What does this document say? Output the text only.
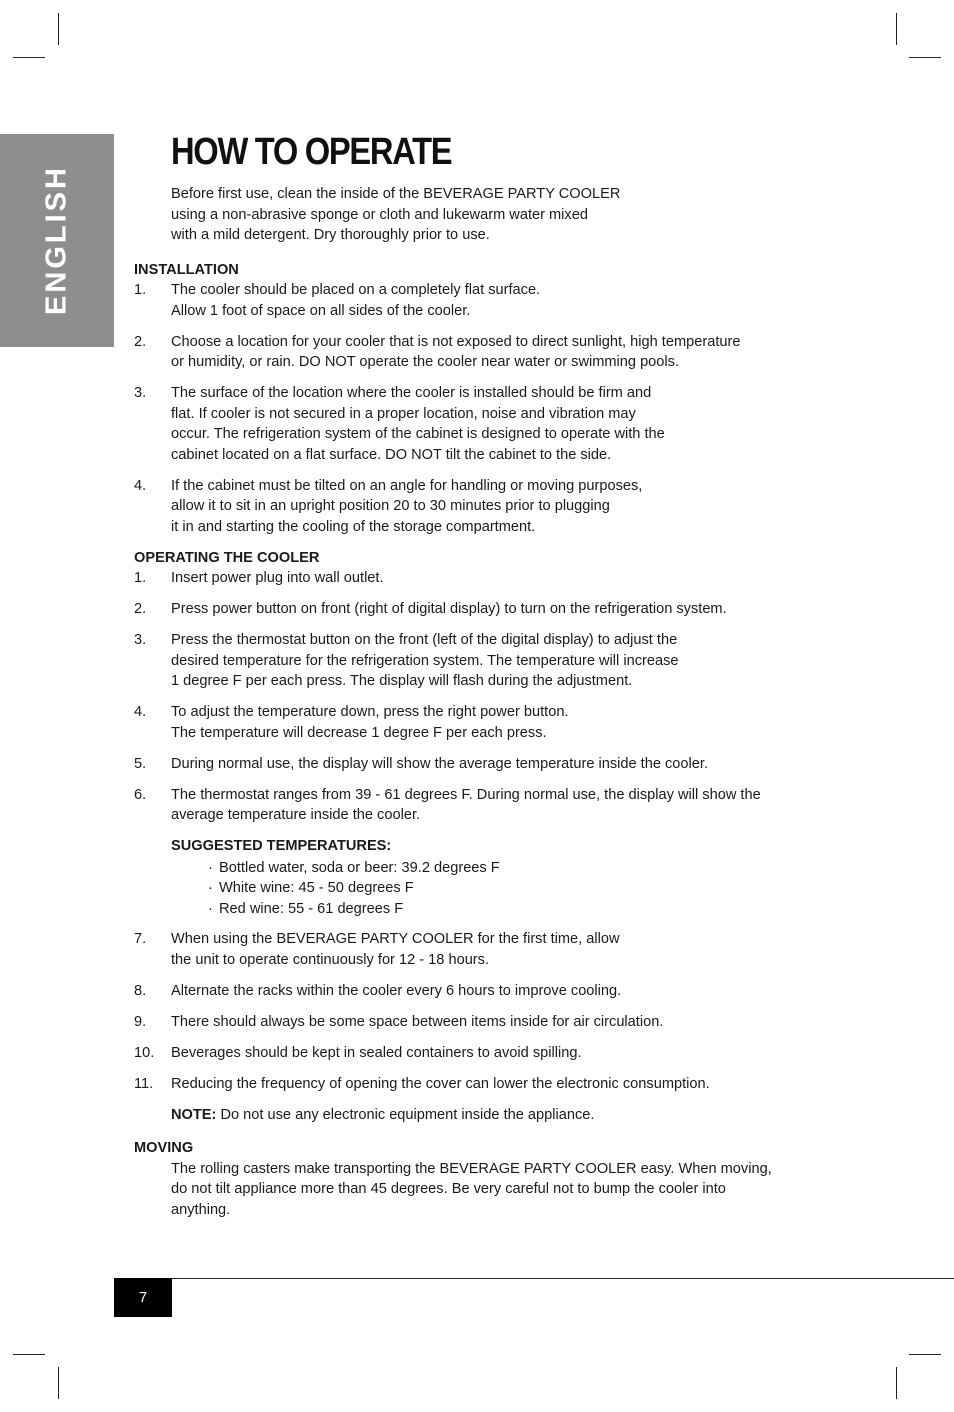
ENGLISH
HOW TO OPERATE
Before first use, clean the inside of the BEVERAGE PARTY COOLER
using a non-abrasive sponge or cloth and lukewarm water mixed
with a mild detergent. Dry thoroughly prior to use.
INSTALLATION
1.	The cooler should be placed on a completely flat surface.
Allow 1 foot of space on all sides of the cooler.
2.	Choose a location for your cooler that is not exposed to direct sunlight, high temperature
or humidity, or rain. DO NOT operate the cooler near water or swimming pools.
3.	The surface of the location where the cooler is installed should be firm and
flat. If cooler is not secured in a proper location, noise and vibration may
occur. The refrigeration system of the cabinet is designed to operate with the
cabinet located on a flat surface. DO NOT tilt the cabinet to the side.
4.	If the cabinet must be tilted on an angle for handling or moving purposes,
allow it to sit in an upright position 20 to 30 minutes prior to plugging
it in and starting the cooling of the storage compartment.
OPERATING THE COOLER
1.	Insert power plug into wall outlet.
2.	Press power button on front (right of digital display) to turn on the refrigeration system.
3.	Press the thermostat button on the front (left of the digital display) to adjust the
desired temperature for the refrigeration system. The temperature will increase
1 degree F per each press. The display will flash during the adjustment.
4.	To adjust the temperature down, press the right power button.
The temperature will decrease 1 degree F per each press.
5.	During normal use, the display will show the average temperature inside the cooler.
6.	The thermostat ranges from 39 - 61 degrees F. During normal use, the display will show the
average temperature inside the cooler.
SUGGESTED TEMPERATURES:
· Bottled water, soda or beer: 39.2 degrees F
· White wine: 45 - 50 degrees F
· Red wine: 55 - 61 degrees F
7.	When using the BEVERAGE PARTY COOLER for the first time, allow
the unit to operate continuously for 12 - 18 hours.
8.	Alternate the racks within the cooler every 6 hours to improve cooling.
9.	There should always be some space between items inside for air circulation.
10.	Beverages should be kept in sealed containers to avoid spilling.
11.	Reducing the frequency of opening the cover can lower the electronic consumption.
NOTE: Do not use any electronic equipment inside the appliance.
MOVING
The rolling casters make transporting the BEVERAGE PARTY COOLER easy. When moving,
do not tilt appliance more than 45 degrees. Be very careful not to bump the cooler into
anything.
7
